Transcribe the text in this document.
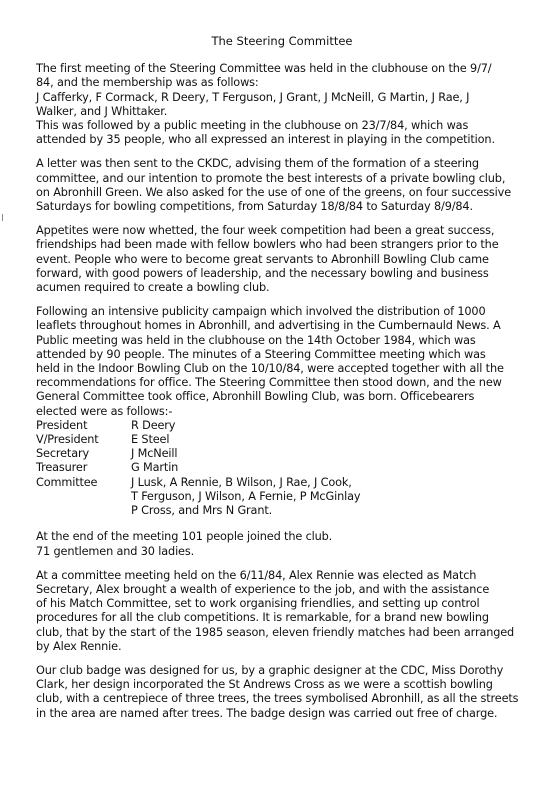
The Steering Committee
The first meeting of the Steering Committee was held in the clubhouse on the 9/7/
84, and the membership was as follows:
J Cafferky, F Cormack, R Deery, T Ferguson, J Grant, J McNeill, G Martin, J Rae, J
Walker, and J Whittaker.
This was followed by a public meeting in the clubhouse on 23/7/84, which was
attended by 35 people, who all expressed an interest in playing in the competition.
A letter was then sent to the CKDC, advising them of the formation of a steering
committee, and our intention to promote the best interests of a private bowling club,
on Abronhill Green. We also asked for the use of one of the greens, on four successive
Saturdays for bowling competitions, from Saturday 18/8/84 to Saturday 8/9/84.
Appetites were now whetted, the four week competition had been a great success,
friendships had been made with fellow bowlers who had been strangers prior to the
event. People who were to become great servants to Abronhill Bowling Club came
forward, with good powers of leadership, and the necessary bowling and business
acumen required to create a bowling club.
Following an intensive publicity campaign which involved the distribution of 1000
leaflets throughout homes in Abronhill, and advertising in the Cumbernauld News. A
Public meeting was held in the clubhouse on the 14th October 1984, which was
attended by 90 people. The minutes of a Steering Committee meeting which was
held in the Indoor Bowling Club on the 10/10/84, were accepted together with all the
recommendations for office. The Steering Committee then stood down, and the new
General Committee took office, Abronhill Bowling Club, was born. Officebearers
elected were as follows:-
President	R Deery
V/President	E Steel
Secretary	J McNeill
Treasurer	G Martin
Committee	J Lusk, A Rennie, B Wilson, J Rae, J Cook,
T Ferguson, J Wilson, A Fernie, P McGinlay
P Cross, and Mrs N Grant.
At the end of the meeting 101 people joined the club.
71 gentlemen and 30 ladies.
At a committee meeting held on the 6/11/84, Alex Rennie was elected as Match
Secretary, Alex brought a wealth of experience to the job, and with the assistance
of his Match Committee, set to work organising friendlies, and setting up control
procedures for all the club competitions. It is remarkable, for a brand new bowling
club, that by the start of the 1985 season, eleven friendly matches had been arranged
by Alex Rennie.
Our club badge was designed for us, by a graphic designer at the CDC, Miss Dorothy
Clark, her design incorporated the St Andrews Cross as we were a scottish bowling
club, with a centrepiece of three trees, the trees symbolised Abronhill, as all the streets
in the area are named after trees. The badge design was carried out free of charge.
